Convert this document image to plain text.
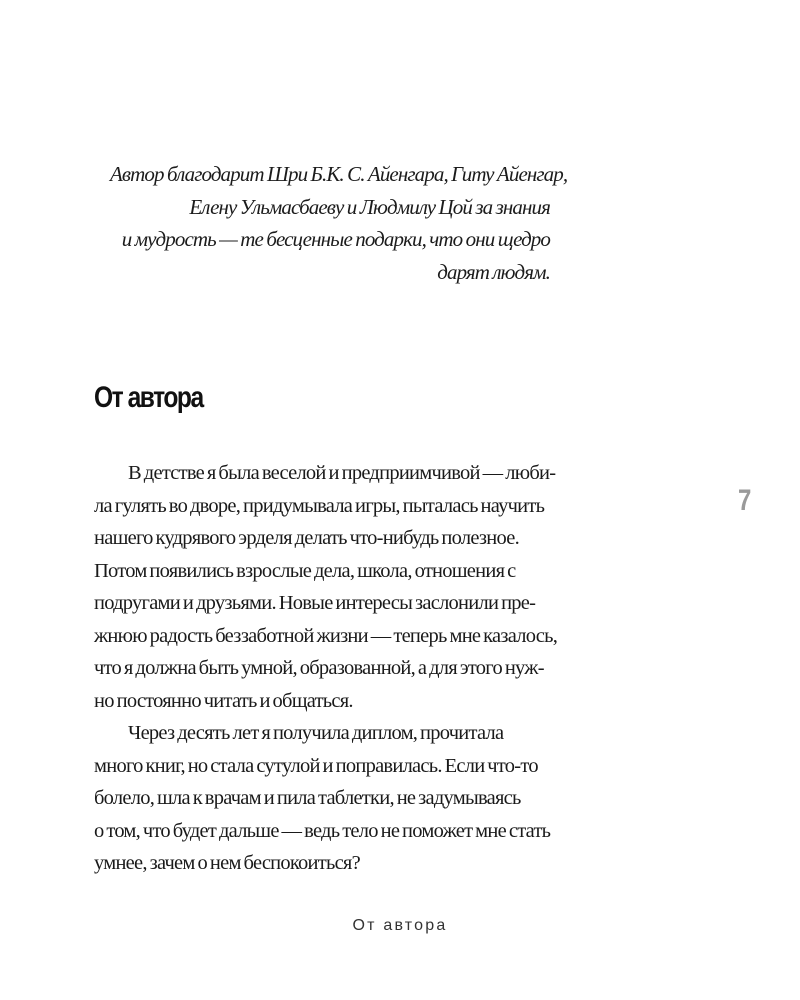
Автор благодарит Шри Б.К. С. Айенгара, Гиту Айенгар,
Елену Ульмасбаеву и Людмилу Цой за знания
и мудрость — те бесценные подарки, что они щедро
дарят людям.
От автора
В детстве я была веселой и предприимчивой — люби-
ла гулять во дворе, придумывала игры, пыталась научить
нашего кудрявого эрделя делать что-нибудь полезное.
Потом появились взрослые дела, школа, отношения с
подругами и друзьями. Новые интересы заслонили пре-
жнюю радость беззаботной жизни — теперь мне казалось,
что я должна быть умной, образованной, а для этого нуж-
но постоянно читать и общаться.
Через десять лет я получила диплом, прочитала
много книг, но стала сутулой и поправилась. Если что-то
болело, шла к врачам и пила таблетки, не задумываясь
о том, что будет дальше — ведь тело не поможет мне стать
умнее, зачем о нем беспокоиться?
7
От автора
